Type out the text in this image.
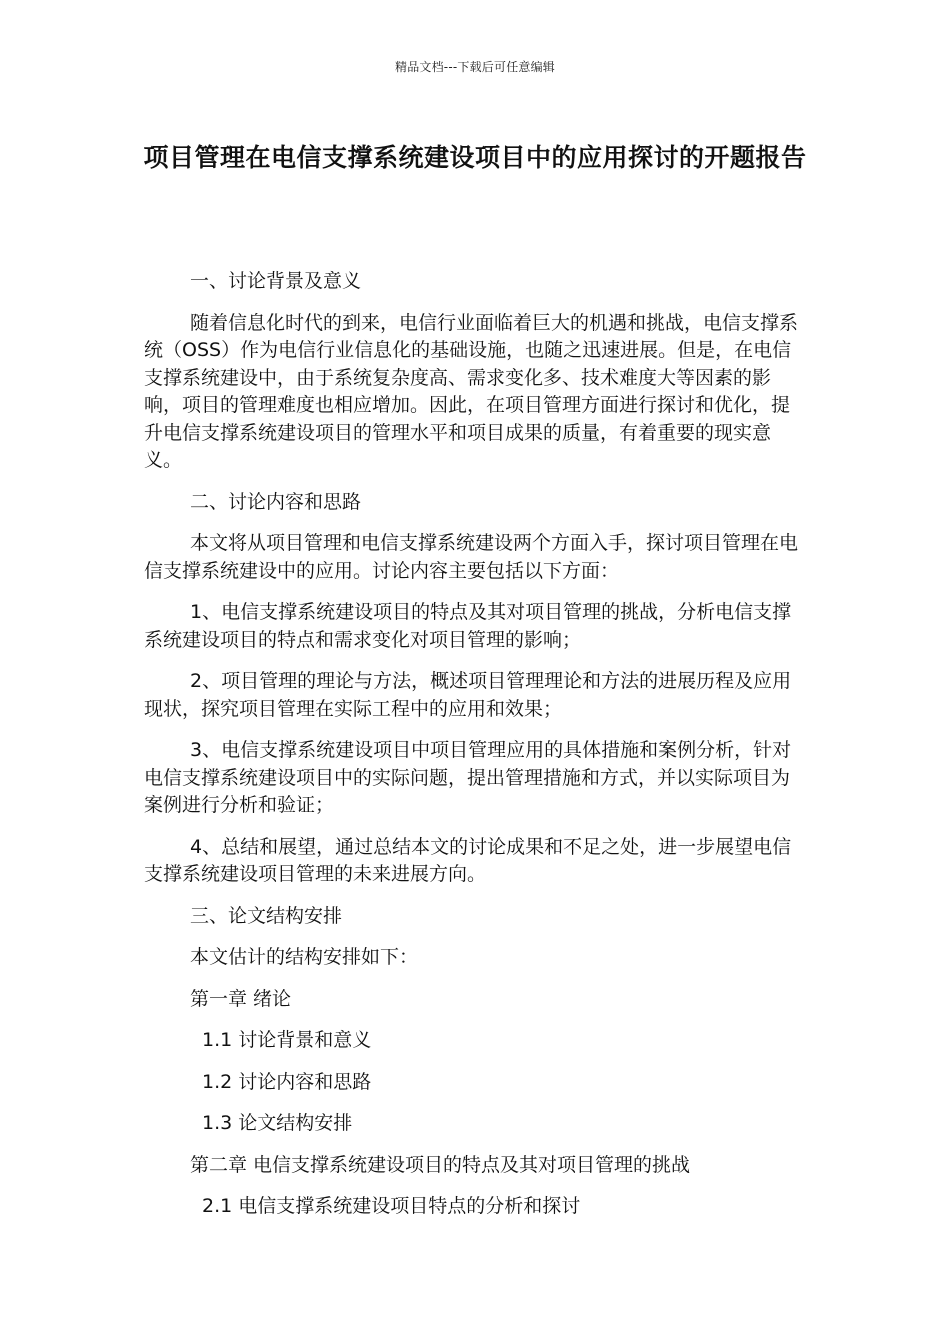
精品文档---下载后可任意编辑
项目管理在电信支撑系统建设项目中的应用探讨的开题报告

一、讨论背景及意义

随着信息化时代的到来，电信行业面临着巨大的机遇和挑战，电信支撑系统（OSS）作为电信行业信息化的基础设施，也随之迅速进展。但是，在电信支撑系统建设中，由于系统复杂度高、需求变化多、技术难度大等因素的影响，项目的管理难度也相应增加。因此，在项目管理方面进行探讨和优化，提升电信支撑系统建设项目的管理水平和项目成果的质量，有着重要的现实意义。

二、讨论内容和思路

本文将从项目管理和电信支撑系统建设两个方面入手，探讨项目管理在电信支撑系统建设中的应用。讨论内容主要包括以下方面：

1、电信支撑系统建设项目的特点及其对项目管理的挑战，分析电信支撑系统建设项目的特点和需求变化对项目管理的影响；

2、项目管理的理论与方法，概述项目管理理论和方法的进展历程及应用现状，探究项目管理在实际工程中的应用和效果；

3、电信支撑系统建设项目中项目管理应用的具体措施和案例分析，针对电信支撑系统建设项目中的实际问题，提出管理措施和方式，并以实际项目为案例进行分析和验证；

4、总结和展望，通过总结本文的讨论成果和不足之处，进一步展望电信支撑系统建设项目管理的未来进展方向。

三、论文结构安排

本文估计的结构安排如下：

第一章 绪论

1.1 讨论背景和意义

1.2 讨论内容和思路

1.3 论文结构安排

第二章 电信支撑系统建设项目的特点及其对项目管理的挑战

2.1 电信支撑系统建设项目特点的分析和探讨
